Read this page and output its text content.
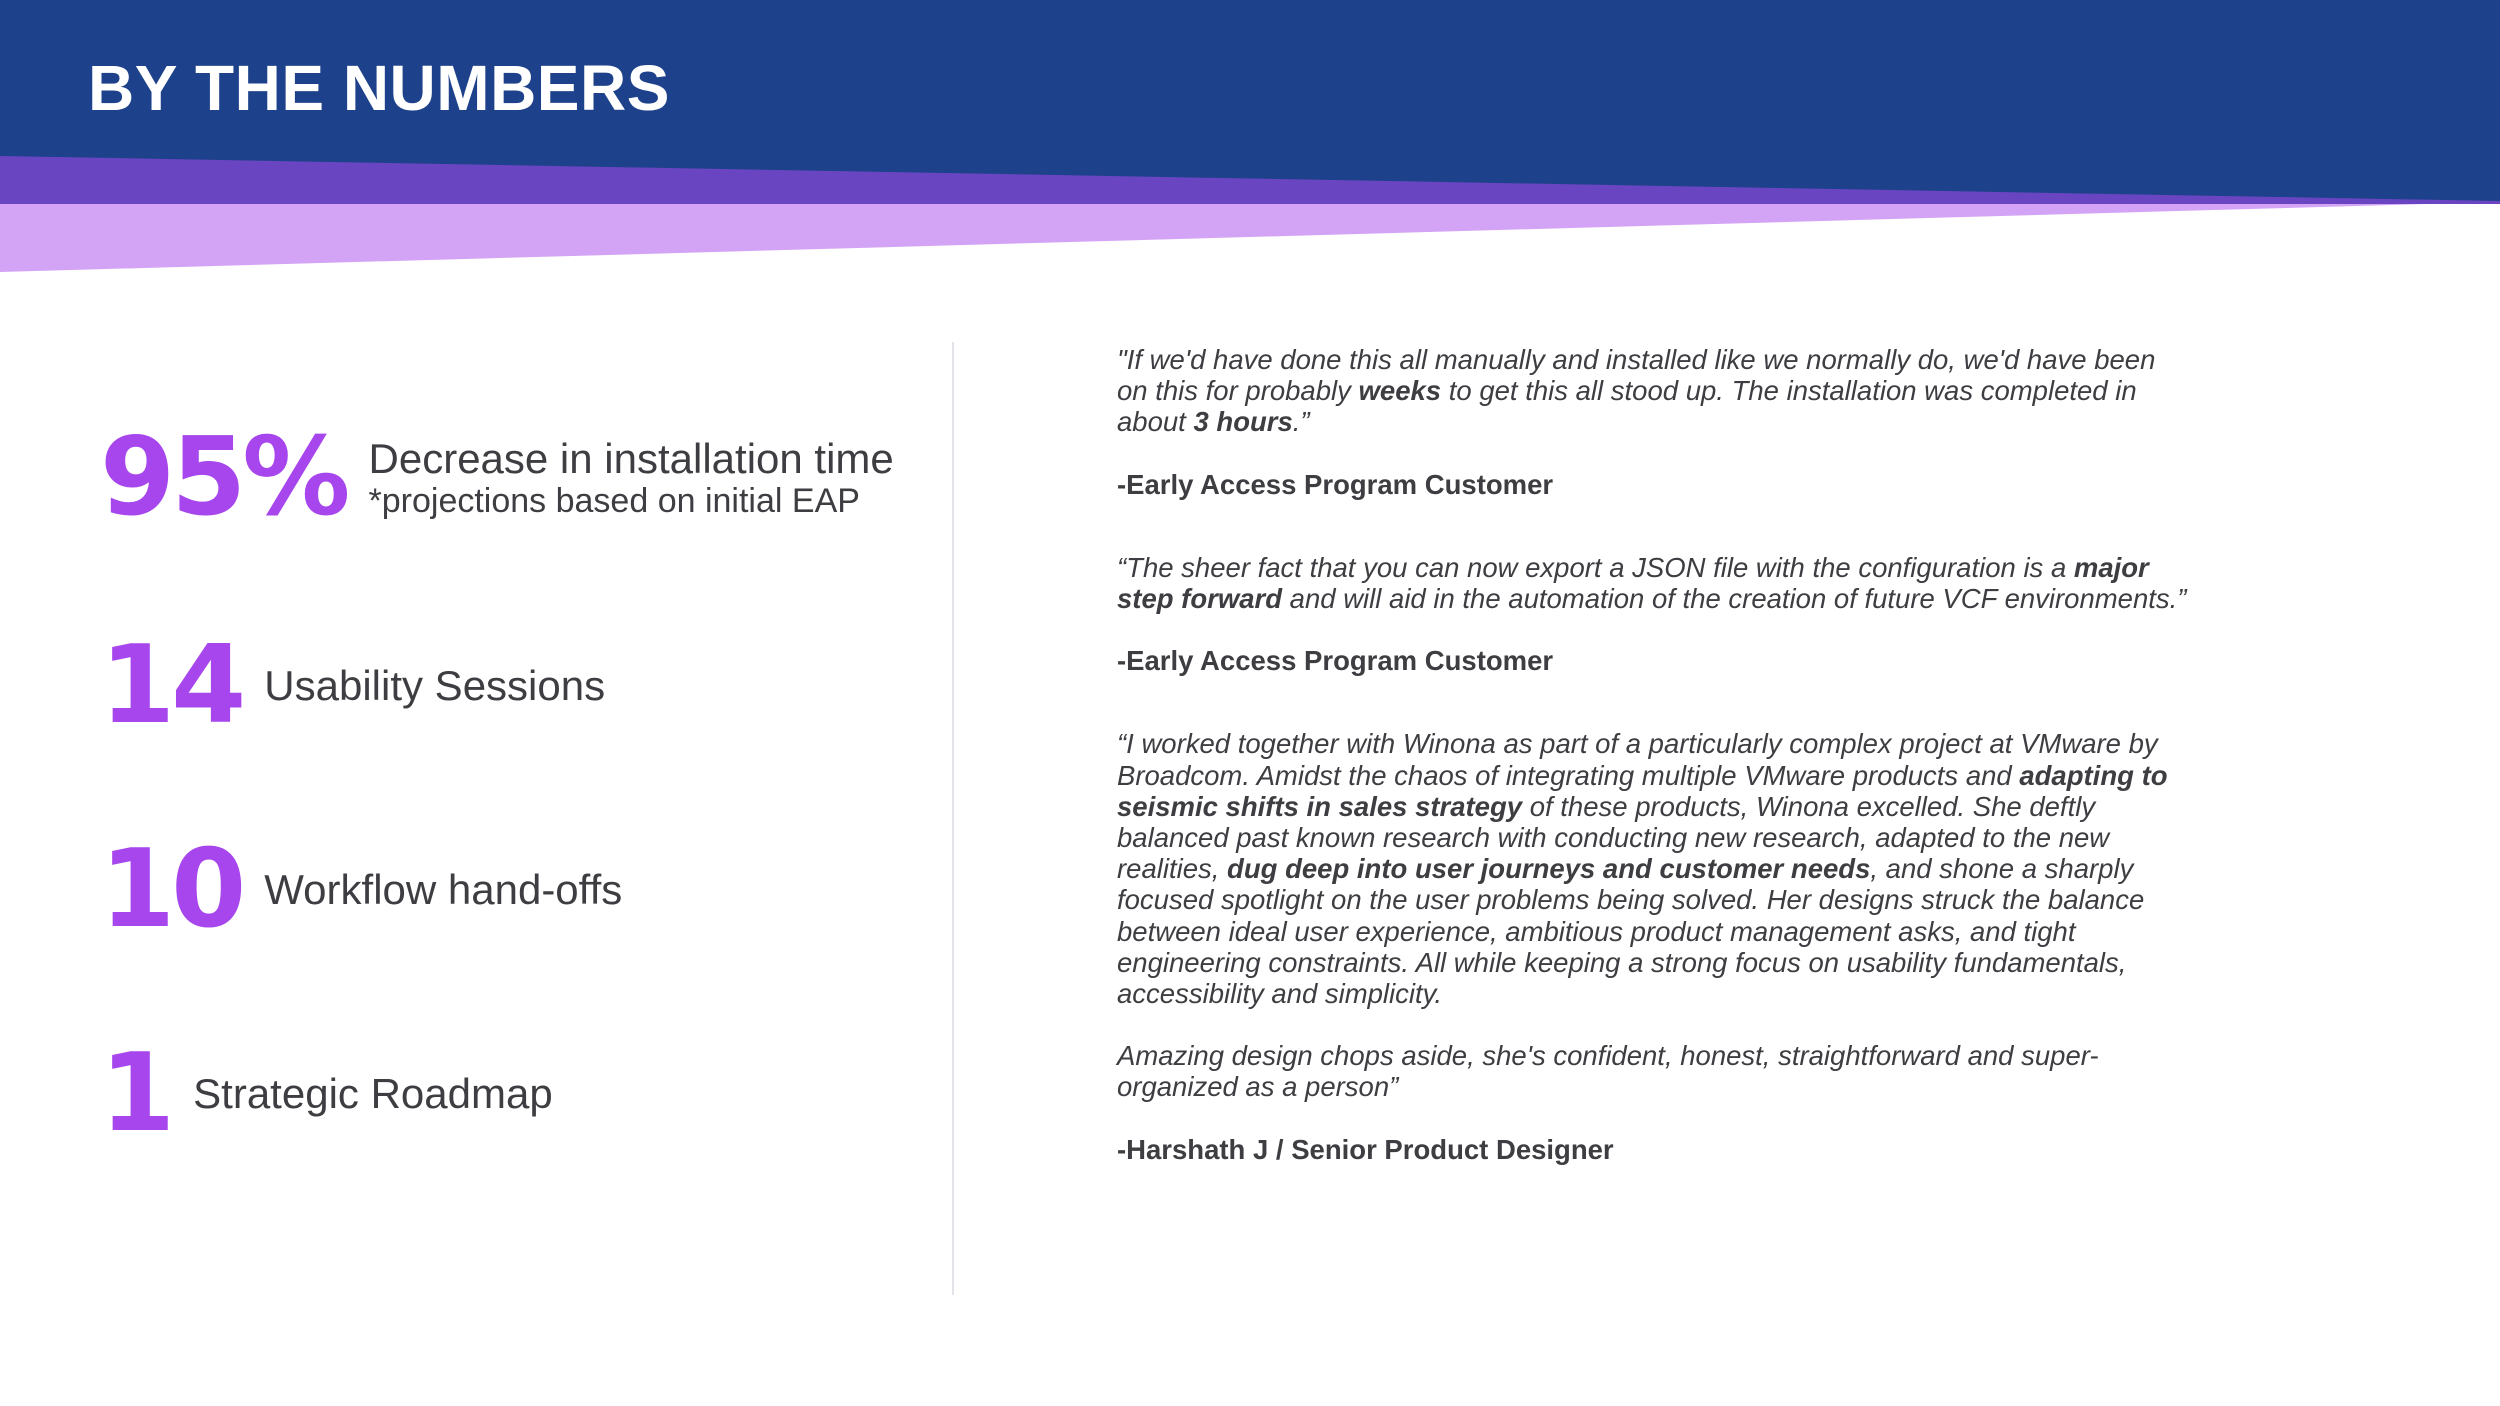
BY THE NUMBERS
95% Decrease in installation time
*projections based on initial EAP
14 Usability Sessions
10 Workflow hand-offs
1 Strategic Roadmap

"If we'd have done this all manually and installed like we normally do, we'd have been on this for probably weeks to get this all stood up. The installation was completed in about 3 hours.”

-Early Access Program Customer

“The sheer fact that you can now export a JSON file with the configuration is a major step forward and will aid in the automation of the creation of future VCF environments.”

-Early Access Program Customer

“I worked together with Winona as part of a particularly complex project at VMware by Broadcom. Amidst the chaos of integrating multiple VMware products and adapting to seismic shifts in sales strategy of these products, Winona excelled. She deftly balanced past known research with conducting new research, adapted to the new realities, dug deep into user journeys and customer needs, and shone a sharply focused spotlight on the user problems being solved. Her designs struck the balance between ideal user experience, ambitious product management asks, and tight engineering constraints. All while keeping a strong focus on usability fundamentals, accessibility and simplicity.

Amazing design chops aside, she's confident, honest, straightforward and super-organized as a person”

-Harshath J / Senior Product Designer
